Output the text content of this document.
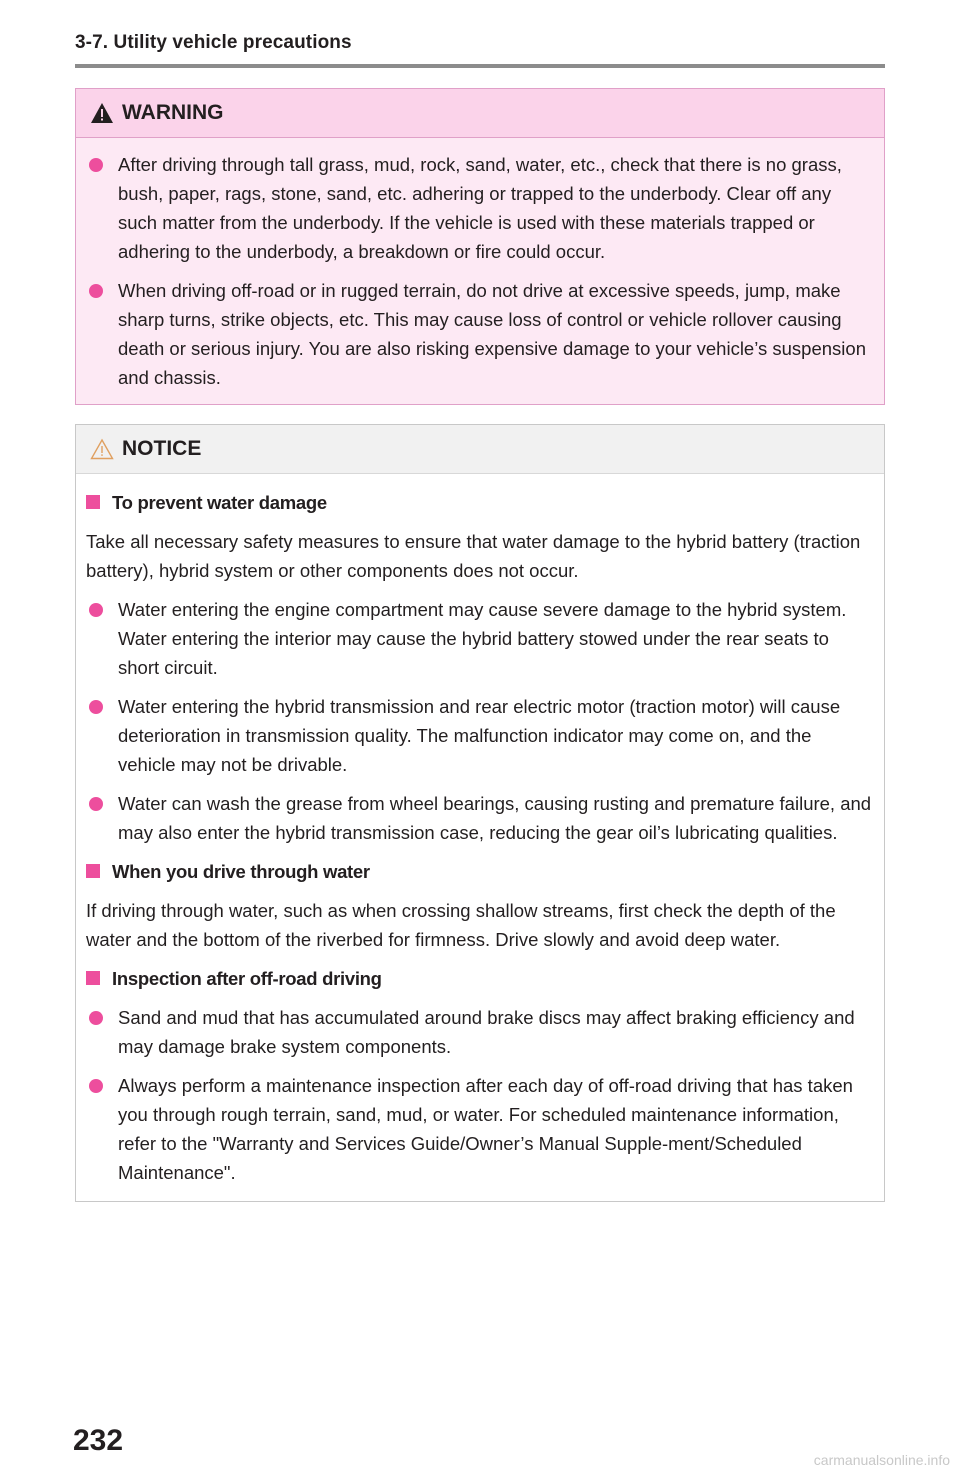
3-7. Utility vehicle precautions
WARNING
After driving through tall grass, mud, rock, sand, water, etc., check that there is no grass, bush, paper, rags, stone, sand, etc. adhering or trapped to the underbody. Clear off any such matter from the underbody. If the vehicle is used with these materials trapped or adhering to the underbody, a breakdown or fire could occur.
When driving off-road or in rugged terrain, do not drive at excessive speeds, jump, make sharp turns, strike objects, etc. This may cause loss of control or vehicle rollover causing death or serious injury. You are also risking expensive damage to your vehicle’s suspension and chassis.
NOTICE
To prevent water damage
Take all necessary safety measures to ensure that water damage to the hybrid battery (traction battery), hybrid system or other components does not occur.
Water entering the engine compartment may cause severe damage to the hybrid system. Water entering the interior may cause the hybrid battery stowed under the rear seats to short circuit.
Water entering the hybrid transmission and rear electric motor (traction motor) will cause deterioration in transmission quality. The malfunction indicator may come on, and the vehicle may not be drivable.
Water can wash the grease from wheel bearings, causing rusting and premature failure, and may also enter the hybrid transmission case, reducing the gear oil’s lubricating qualities.
When you drive through water
If driving through water, such as when crossing shallow streams, first check the depth of the water and the bottom of the riverbed for firmness. Drive slowly and avoid deep water.
Inspection after off-road driving
Sand and mud that has accumulated around brake discs may affect braking efficiency and may damage brake system components.
Always perform a maintenance inspection after each day of off-road driving that has taken you through rough terrain, sand, mud, or water. For scheduled maintenance information, refer to the "Warranty and Services Guide/Owner’s Manual Supple-ment/Scheduled Maintenance".
232
carmanualsonline.info
